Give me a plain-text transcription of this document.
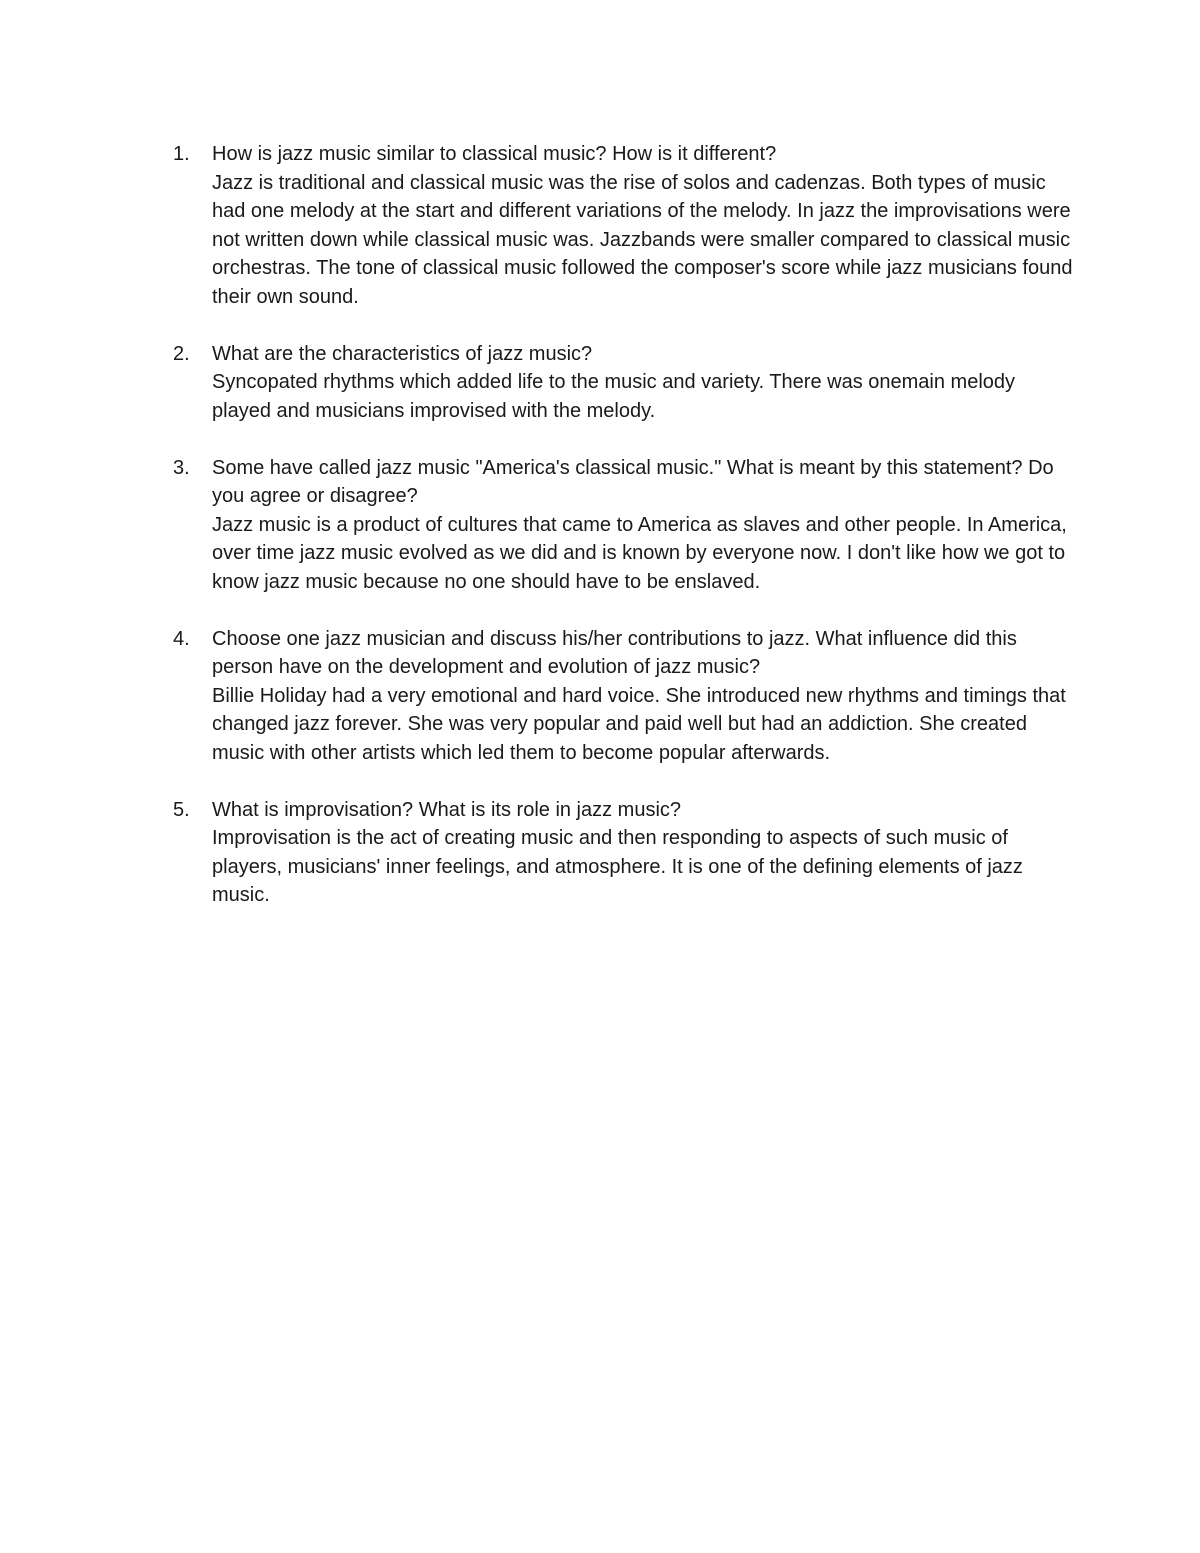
1.	How is jazz music similar to classical music? How is it different?

Jazz is traditional and classical music was the rise of solos and cadenzas. Both types of music had one melody at the start and different variations of the melody. In jazz the improvisations were not written down while classical music was. Jazzbands were smaller compared to classical music orchestras. The tone of classical music followed the composer's score while jazz musicians found their own sound.

2.	What are the characteristics of jazz music?

Syncopated rhythms which added life to the music and variety. There was onemain melody played and musicians improvised with the melody.

3.	Some have called jazz music "America's classical music." What is meant by this statement? Do you agree or disagree?

Jazz music is a product of cultures that came to America as slaves and other people. In America, over time jazz music evolved as we did and is known by everyone now. I don't like how we got to know jazz music because no one should have to be enslaved.

4.	Choose one jazz musician and discuss his/her contributions to jazz. What influence did this person have on the development and evolution of jazz music?

Billie Holiday had a very emotional and hard voice. She introduced new rhythms and timings that changed jazz forever. She was very popular and paid well but had an addiction. She created music with other artists which led them to become popular afterwards.

5.	What is improvisation? What is its role in jazz music?

Improvisation is the act of creating music and then responding to aspects of such music of players, musicians' inner feelings, and atmosphere. It is one of the defining elements of jazz music.
